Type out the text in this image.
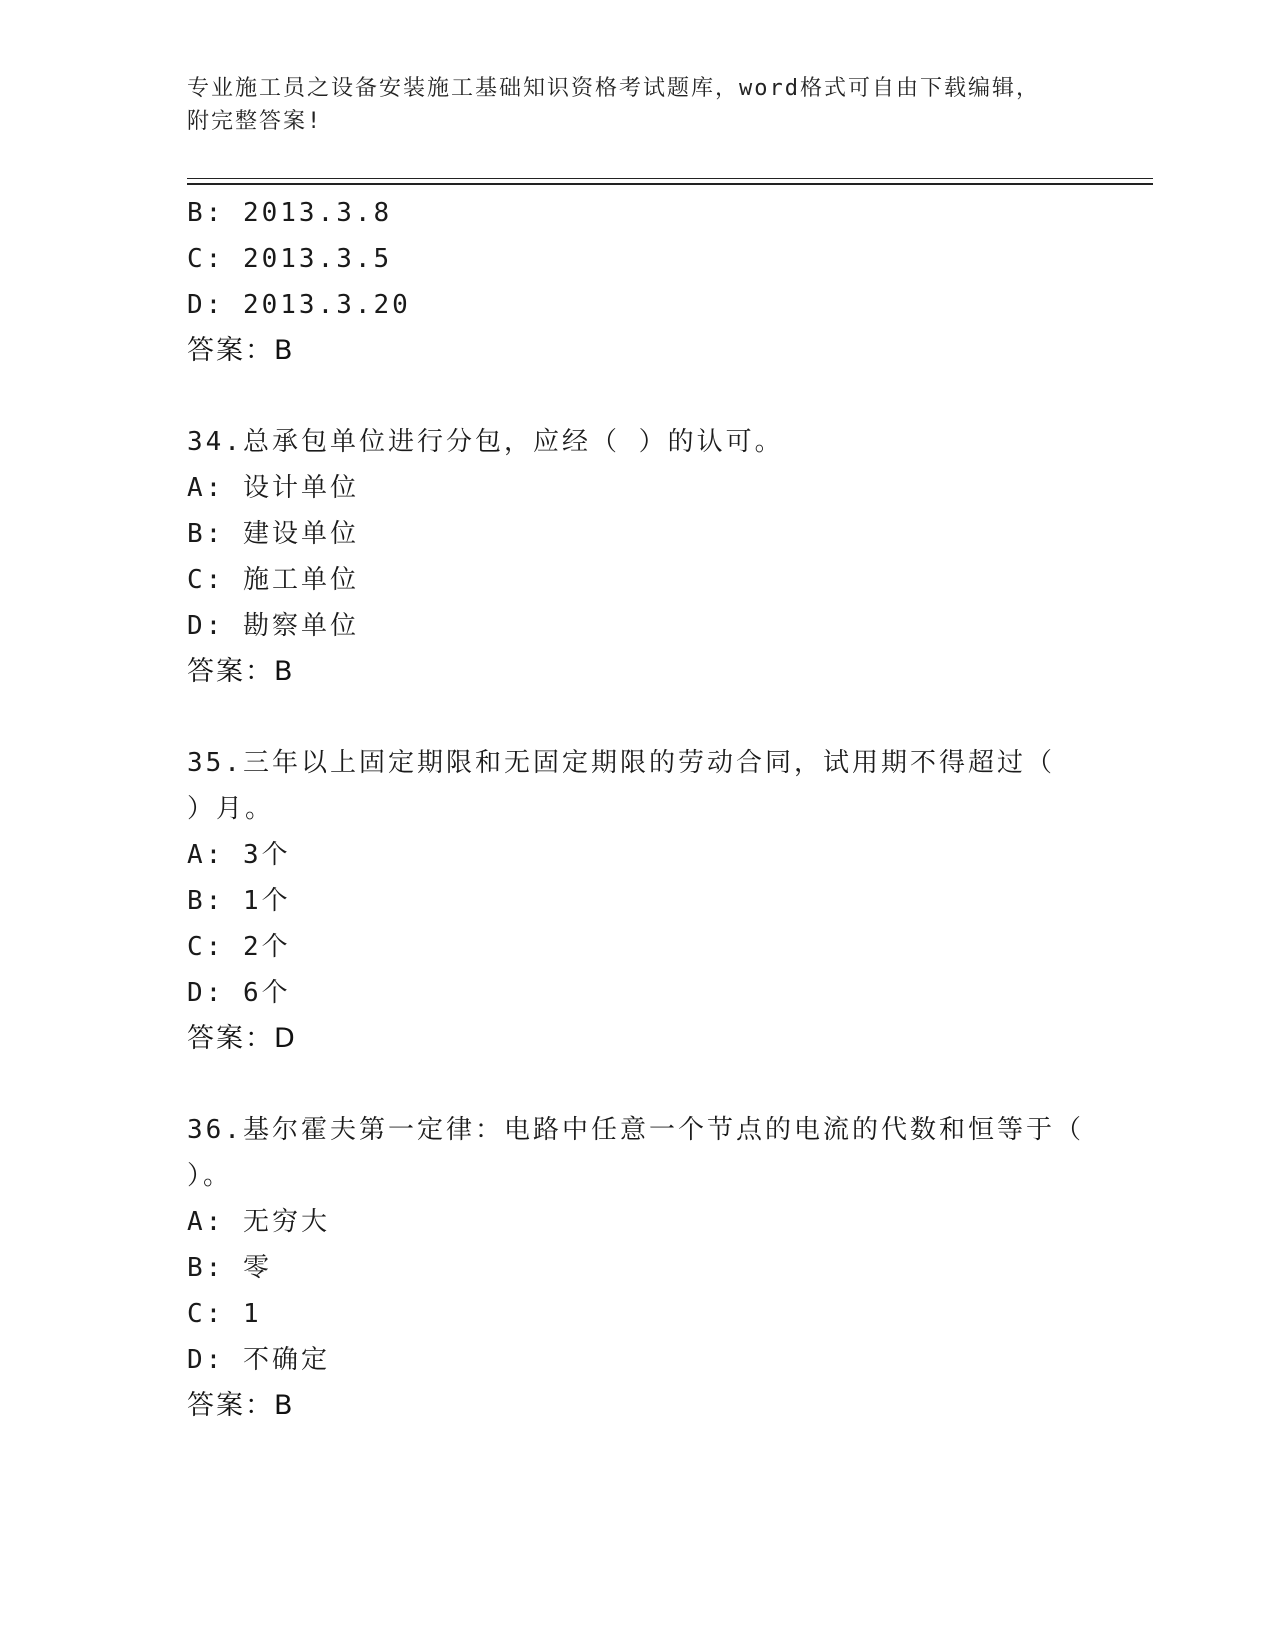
专业施工员之设备安装施工基础知识资格考试题库，word格式可自由下载编辑，
附完整答案!
B: 2013.3.8
C: 2013.3.5
D: 2013.3.20
答案：B
34.总承包单位进行分包，应经（ ）的认可。
A: 设计单位
B: 建设单位
C: 施工单位
D: 勘察单位
答案：B
35.三年以上固定期限和无固定期限的劳动合同，试用期不得超过（
）月。
A: 3个
B: 1个
C: 2个
D: 6个
答案：D
36.基尔霍夫第一定律：电路中任意一个节点的电流的代数和恒等于（
）。
A: 无穷大
B: 零
C: 1
D: 不确定
答案：B
